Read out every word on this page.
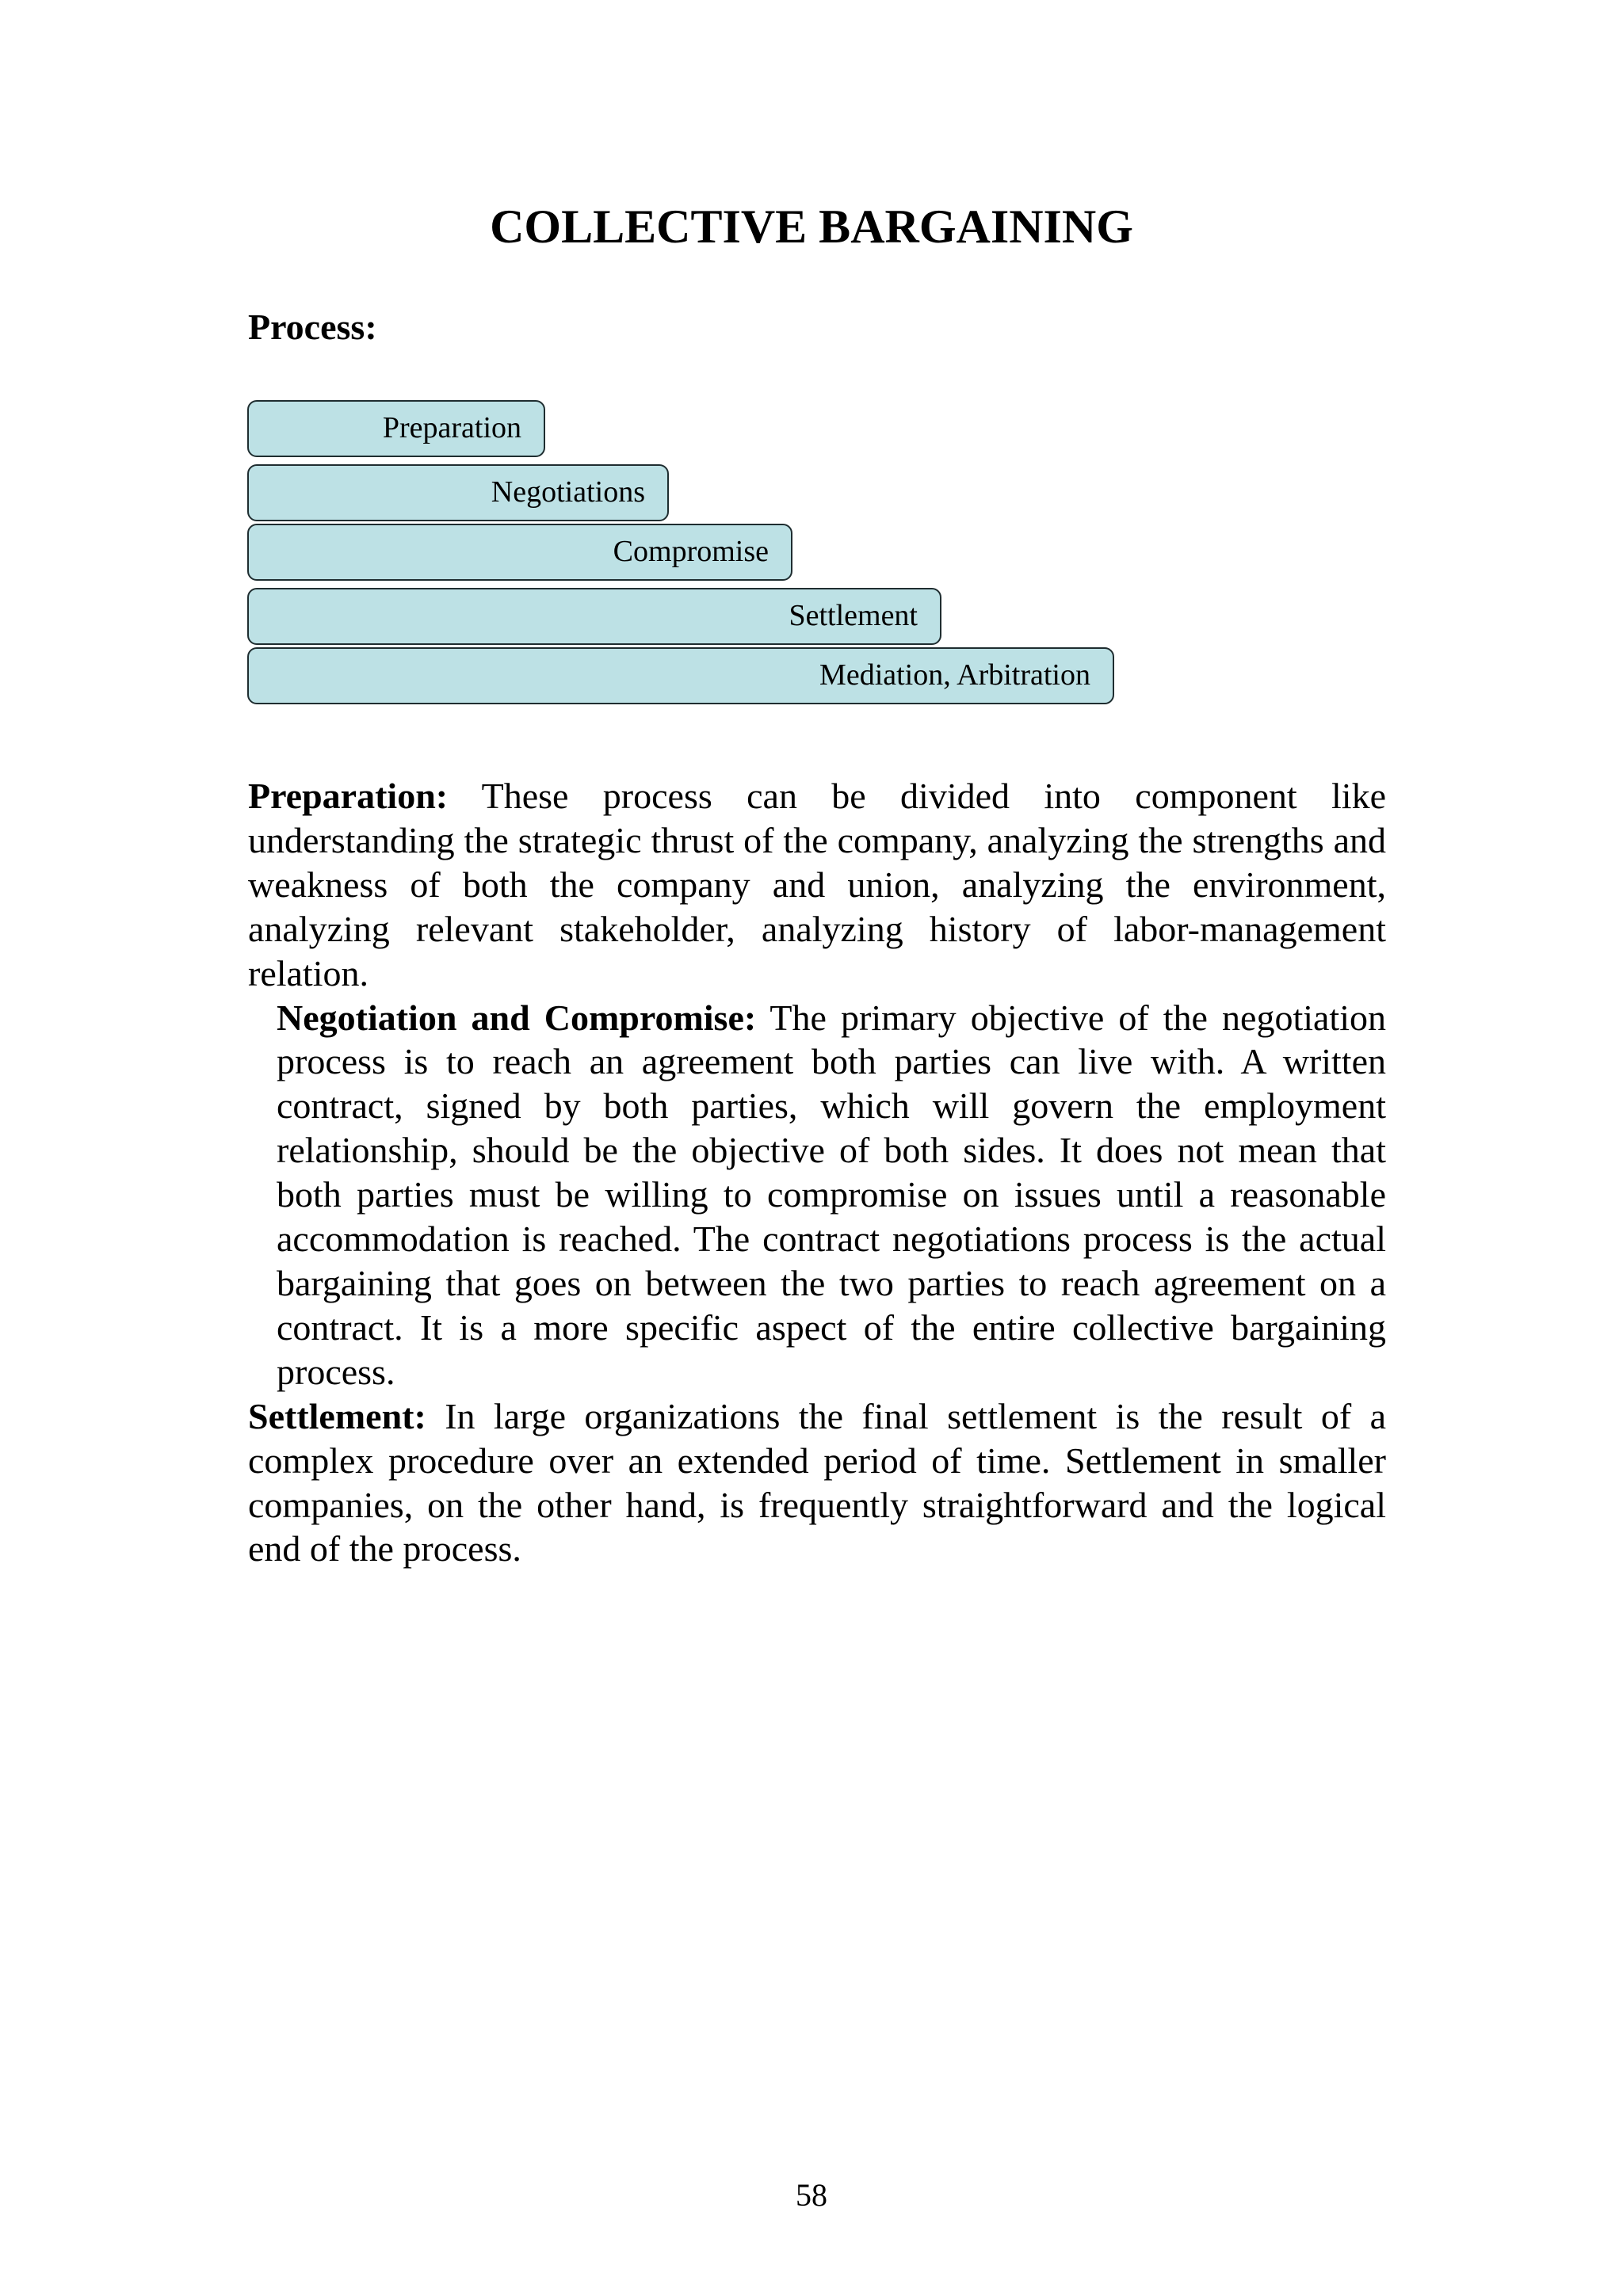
COLLECTIVE BARGAINING
Process:
Preparation
Negotiations
Compromise
Settlement
Mediation, Arbitration

Preparation: These process can be divided into component like understanding the strategic thrust of the company, analyzing the strengths and weakness of both the company and union, analyzing the environment, analyzing relevant stakeholder, analyzing history of labor-management relation.

Negotiation and Compromise: The primary objective of the negotiation process is to reach an agreement both parties can live with. A written contract, signed by both parties, which will govern the employment relationship, should be the objective of both sides. It does not mean that both parties must be willing to compromise on issues until a reasonable accommodation is reached. The contract negotiations process is the actual bargaining that goes on between the two parties to reach agreement on a contract. It is a more specific aspect of the entire collective bargaining process.

Settlement: In large organizations the final settlement is the result of a complex procedure over an extended period of time. Settlement in smaller companies, on the other hand, is frequently straightforward and the logical end of the process.

58
